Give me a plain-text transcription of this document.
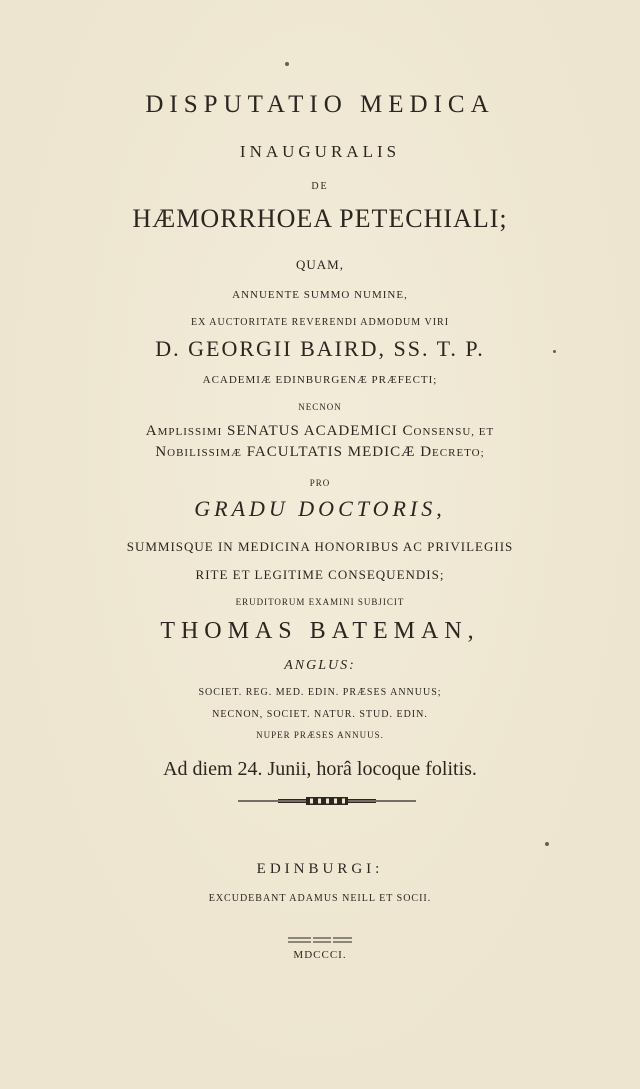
DISPUTATIO MEDICA
INAUGURALIS
DE
HÆMORRHOEA PETECHIALI;
QUAM,
ANNUENTE SUMMO NUMINE,
EX AUCTORITATE REVERENDI ADMODUM VIRI
D. GEORGII BAIRD, SS. T. P.
ACADEMIÆ EDINBURGENÆ PRÆFECTI;
NECNON
AMPLISSIMI SENATUS ACADEMICI CONSENSU, ET
NOBILISSIMÆ FACULTATIS MEDICÆ DECRETO;
PRO
GRADU DOCTORIS,
SUMMISQUE IN MEDICINA HONORIBUS AC PRIVILEGIIS
RITE ET LEGITIME CONSEQUENDIS;
ERUDITORUM EXAMINI SUBJICIT
THOMAS BATEMAN,
ANGLUS:
SOCIET. REG. MED. EDIN. PRÆSES ANNUUS;
NECNON, SOCIET. NATUR. STUD. EDIN.
NUPER PRÆSES ANNUUS.
Ad diem 24. Junii, horâ locoque folitis.
EDINBURGI:
EXCUDEBANT ADAMUS NEILL ET SOCII.
MDCCCI.
